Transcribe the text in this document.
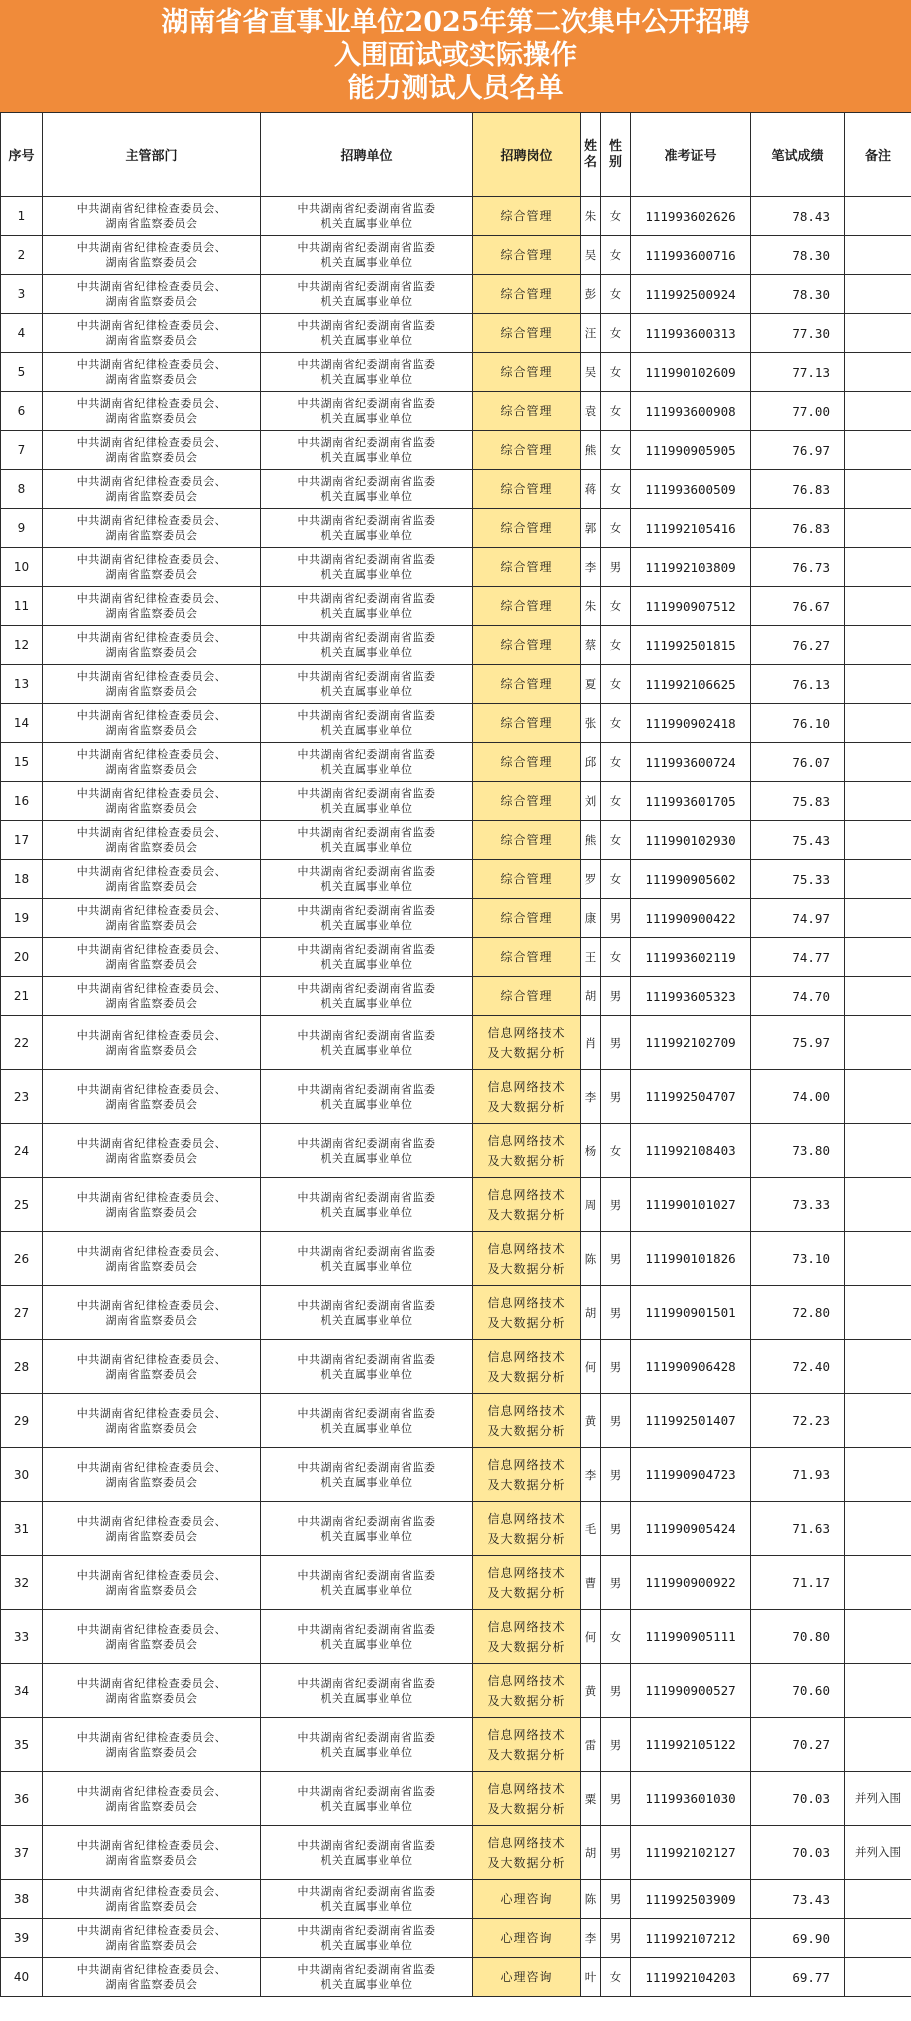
湖南省省直事业单位2025年第二次集中公开招聘
入围面试或实际操作
能力测试人员名单
序号	主管部门	招聘单位	招聘岗位	姓名	性别	准考证号	笔试成绩	备注
1	中共湖南省纪律检查委员会、
湖南省监察委员会	中共湖南省纪委湖南省监委
机关直属事业单位	综合管理	朱	女	111993602626	78.43	
2	中共湖南省纪律检查委员会、
湖南省监察委员会	中共湖南省纪委湖南省监委
机关直属事业单位	综合管理	吴	女	111993600716	78.30	
3	中共湖南省纪律检查委员会、
湖南省监察委员会	中共湖南省纪委湖南省监委
机关直属事业单位	综合管理	彭	女	111992500924	78.30	
4	中共湖南省纪律检查委员会、
湖南省监察委员会	中共湖南省纪委湖南省监委
机关直属事业单位	综合管理	汪	女	111993600313	77.30	
5	中共湖南省纪律检查委员会、
湖南省监察委员会	中共湖南省纪委湖南省监委
机关直属事业单位	综合管理	吴	女	111990102609	77.13	
6	中共湖南省纪律检查委员会、
湖南省监察委员会	中共湖南省纪委湖南省监委
机关直属事业单位	综合管理	袁	女	111993600908	77.00	
7	中共湖南省纪律检查委员会、
湖南省监察委员会	中共湖南省纪委湖南省监委
机关直属事业单位	综合管理	熊	女	111990905905	76.97	
8	中共湖南省纪律检查委员会、
湖南省监察委员会	中共湖南省纪委湖南省监委
机关直属事业单位	综合管理	蒋	女	111993600509	76.83	
9	中共湖南省纪律检查委员会、
湖南省监察委员会	中共湖南省纪委湖南省监委
机关直属事业单位	综合管理	郭	女	111992105416	76.83	
10	中共湖南省纪律检查委员会、
湖南省监察委员会	中共湖南省纪委湖南省监委
机关直属事业单位	综合管理	李	男	111992103809	76.73	
11	中共湖南省纪律检查委员会、
湖南省监察委员会	中共湖南省纪委湖南省监委
机关直属事业单位	综合管理	朱	女	111990907512	76.67	
12	中共湖南省纪律检查委员会、
湖南省监察委员会	中共湖南省纪委湖南省监委
机关直属事业单位	综合管理	蔡	女	111992501815	76.27	
13	中共湖南省纪律检查委员会、
湖南省监察委员会	中共湖南省纪委湖南省监委
机关直属事业单位	综合管理	夏	女	111992106625	76.13	
14	中共湖南省纪律检查委员会、
湖南省监察委员会	中共湖南省纪委湖南省监委
机关直属事业单位	综合管理	张	女	111990902418	76.10	
15	中共湖南省纪律检查委员会、
湖南省监察委员会	中共湖南省纪委湖南省监委
机关直属事业单位	综合管理	邱	女	111993600724	76.07	
16	中共湖南省纪律检查委员会、
湖南省监察委员会	中共湖南省纪委湖南省监委
机关直属事业单位	综合管理	刘	女	111993601705	75.83	
17	中共湖南省纪律检查委员会、
湖南省监察委员会	中共湖南省纪委湖南省监委
机关直属事业单位	综合管理	熊	女	111990102930	75.43	
18	中共湖南省纪律检查委员会、
湖南省监察委员会	中共湖南省纪委湖南省监委
机关直属事业单位	综合管理	罗	女	111990905602	75.33	
19	中共湖南省纪律检查委员会、
湖南省监察委员会	中共湖南省纪委湖南省监委
机关直属事业单位	综合管理	康	男	111990900422	74.97	
20	中共湖南省纪律检查委员会、
湖南省监察委员会	中共湖南省纪委湖南省监委
机关直属事业单位	综合管理	王	女	111993602119	74.77	
21	中共湖南省纪律检查委员会、
湖南省监察委员会	中共湖南省纪委湖南省监委
机关直属事业单位	综合管理	胡	男	111993605323	74.70	
22	中共湖南省纪律检查委员会、
湖南省监察委员会	中共湖南省纪委湖南省监委
机关直属事业单位	信息网络技术
及大数据分析	肖	男	111992102709	75.97	
23	中共湖南省纪律检查委员会、
湖南省监察委员会	中共湖南省纪委湖南省监委
机关直属事业单位	信息网络技术
及大数据分析	李	男	111992504707	74.00	
24	中共湖南省纪律检查委员会、
湖南省监察委员会	中共湖南省纪委湖南省监委
机关直属事业单位	信息网络技术
及大数据分析	杨	女	111992108403	73.80	
25	中共湖南省纪律检查委员会、
湖南省监察委员会	中共湖南省纪委湖南省监委
机关直属事业单位	信息网络技术
及大数据分析	周	男	111990101027	73.33	
26	中共湖南省纪律检查委员会、
湖南省监察委员会	中共湖南省纪委湖南省监委
机关直属事业单位	信息网络技术
及大数据分析	陈	男	111990101826	73.10	
27	中共湖南省纪律检查委员会、
湖南省监察委员会	中共湖南省纪委湖南省监委
机关直属事业单位	信息网络技术
及大数据分析	胡	男	111990901501	72.80	
28	中共湖南省纪律检查委员会、
湖南省监察委员会	中共湖南省纪委湖南省监委
机关直属事业单位	信息网络技术
及大数据分析	何	男	111990906428	72.40	
29	中共湖南省纪律检查委员会、
湖南省监察委员会	中共湖南省纪委湖南省监委
机关直属事业单位	信息网络技术
及大数据分析	黄	男	111992501407	72.23	
30	中共湖南省纪律检查委员会、
湖南省监察委员会	中共湖南省纪委湖南省监委
机关直属事业单位	信息网络技术
及大数据分析	李	男	111990904723	71.93	
31	中共湖南省纪律检查委员会、
湖南省监察委员会	中共湖南省纪委湖南省监委
机关直属事业单位	信息网络技术
及大数据分析	毛	男	111990905424	71.63	
32	中共湖南省纪律检查委员会、
湖南省监察委员会	中共湖南省纪委湖南省监委
机关直属事业单位	信息网络技术
及大数据分析	曹	男	111990900922	71.17	
33	中共湖南省纪律检查委员会、
湖南省监察委员会	中共湖南省纪委湖南省监委
机关直属事业单位	信息网络技术
及大数据分析	何	女	111990905111	70.80	
34	中共湖南省纪律检查委员会、
湖南省监察委员会	中共湖南省纪委湖南省监委
机关直属事业单位	信息网络技术
及大数据分析	黄	男	111990900527	70.60	
35	中共湖南省纪律检查委员会、
湖南省监察委员会	中共湖南省纪委湖南省监委
机关直属事业单位	信息网络技术
及大数据分析	雷	男	111992105122	70.27	
36	中共湖南省纪律检查委员会、
湖南省监察委员会	中共湖南省纪委湖南省监委
机关直属事业单位	信息网络技术
及大数据分析	粟	男	111993601030	70.03	并列入围
37	中共湖南省纪律检查委员会、
湖南省监察委员会	中共湖南省纪委湖南省监委
机关直属事业单位	信息网络技术
及大数据分析	胡	男	111992102127	70.03	并列入围
38	中共湖南省纪律检查委员会、
湖南省监察委员会	中共湖南省纪委湖南省监委
机关直属事业单位	心理咨询	陈	男	111992503909	73.43	
39	中共湖南省纪律检查委员会、
湖南省监察委员会	中共湖南省纪委湖南省监委
机关直属事业单位	心理咨询	李	男	111992107212	69.90	
40	中共湖南省纪律检查委员会、
湖南省监察委员会	中共湖南省纪委湖南省监委
机关直属事业单位	心理咨询	叶	女	111992104203	69.77	
